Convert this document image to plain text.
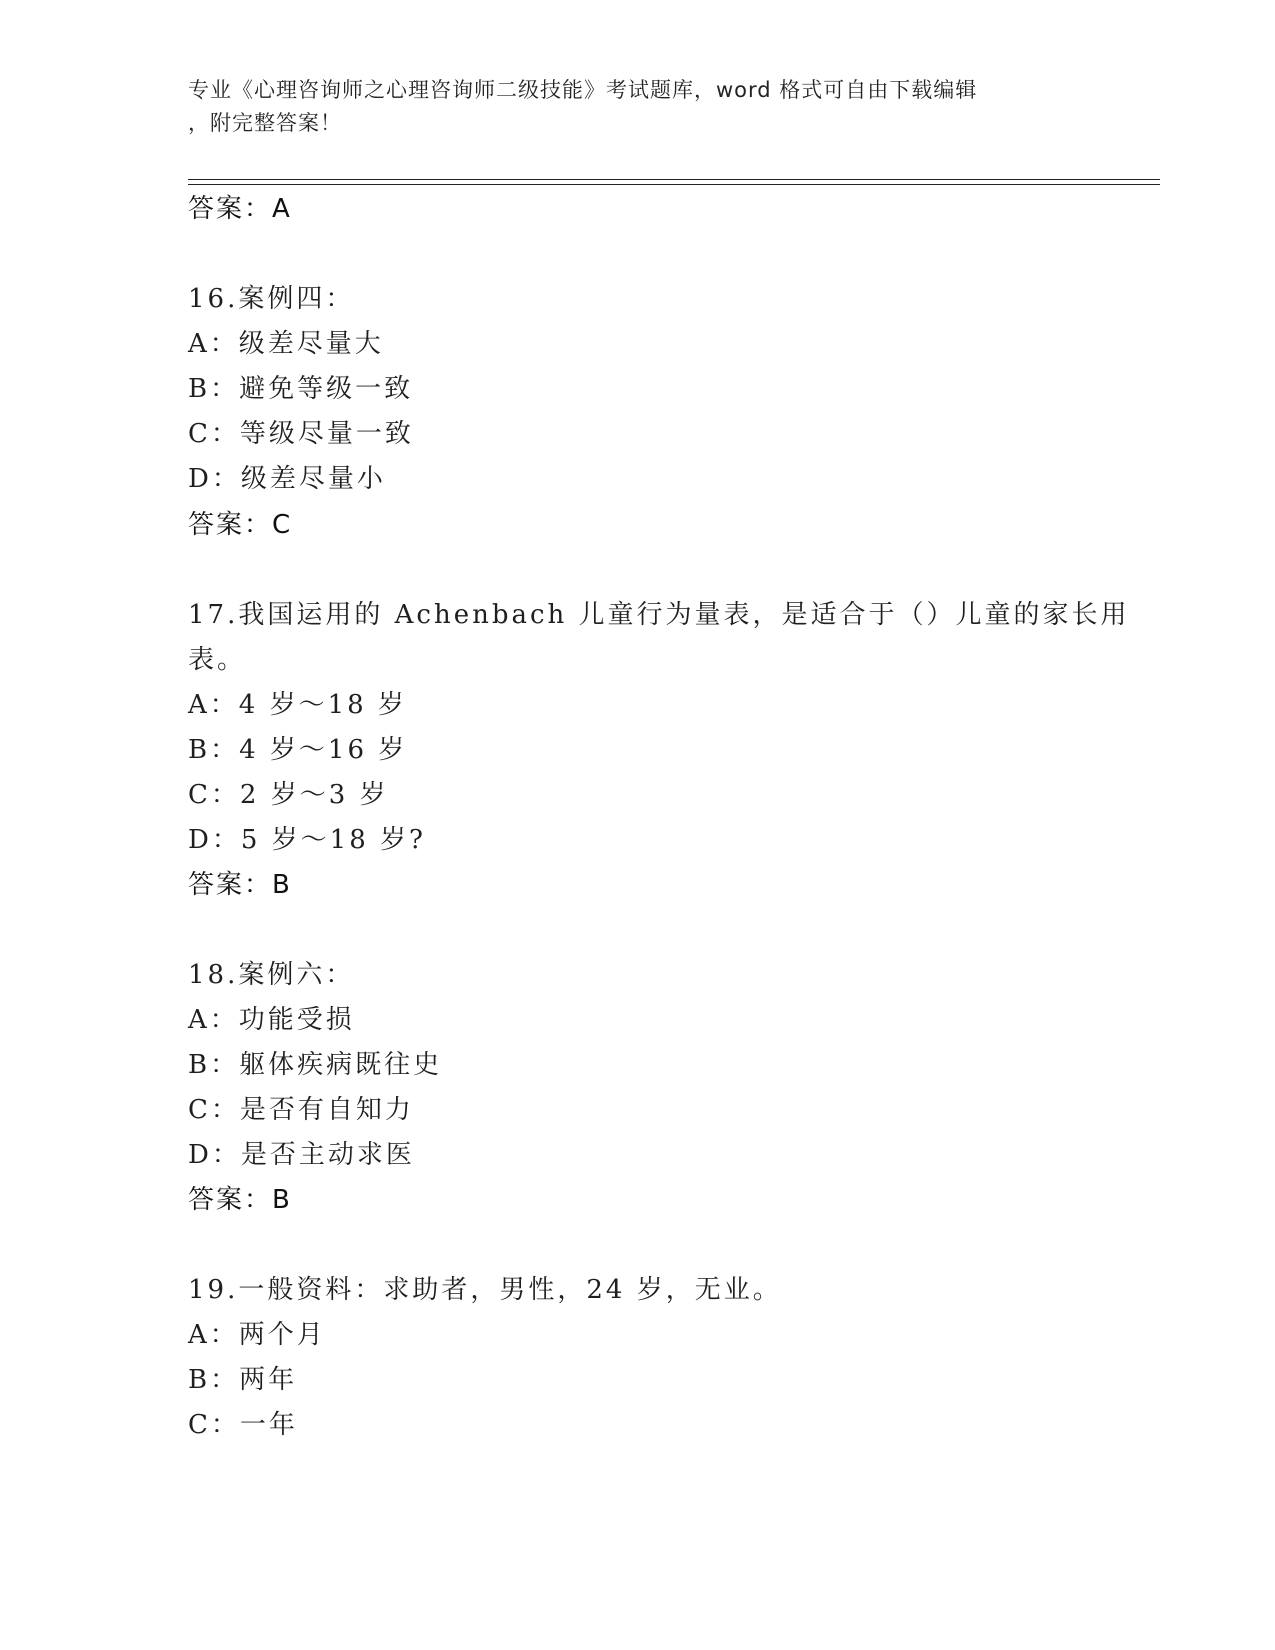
专业《心理咨询师之心理咨询师二级技能》考试题库，word 格式可自由下载编辑

，附完整答案！

答案：A
16.案例四：
A：级差尽量大
B：避免等级一致
C：等级尽量一致
D：级差尽量小
答案：C
17.我国运用的 Achenbach 儿童行为量表，是适合于（）儿童的家长用
表。
A：4 岁～18 岁
B：4 岁～16 岁
C：2 岁～3 岁
D：5 岁～18 岁?
答案：B
18.案例六：
A：功能受损
B：躯体疾病既往史
C：是否有自知力
D：是否主动求医
答案：B
19.一般资料：求助者，男性，24 岁，无业。
A：两个月
B：两年
C：一年
